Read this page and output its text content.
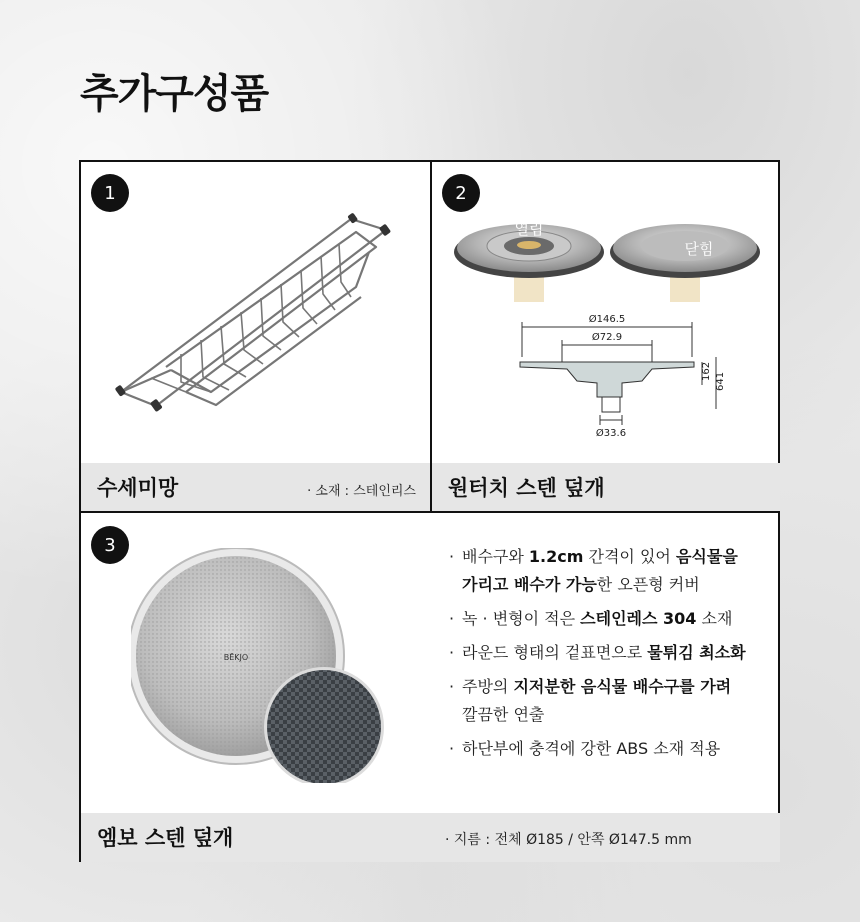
추가구성품
1
수세미망	· 소재 : 스테인리스
2
열림
닫힘
Ø146.5
Ø72.9
Ø33.6
162
641
원터치 스텐 덮개
3
BĒKJO
· 배수구와 1.2cm 간격이 있어 음식물을
가리고 배수가 가능한 오픈형 커버
· 녹 · 변형이 적은 스테인레스 304 소재
· 라운드 형태의 겉표면으로 물튀김 최소화
· 주방의 지저분한 음식물 배수구를 가려
깔끔한 연출
· 하단부에 충격에 강한 ABS 소재 적용
엠보 스텐 덮개	· 지름 : 전체 Ø185 / 안쪽 Ø147.5 mm
